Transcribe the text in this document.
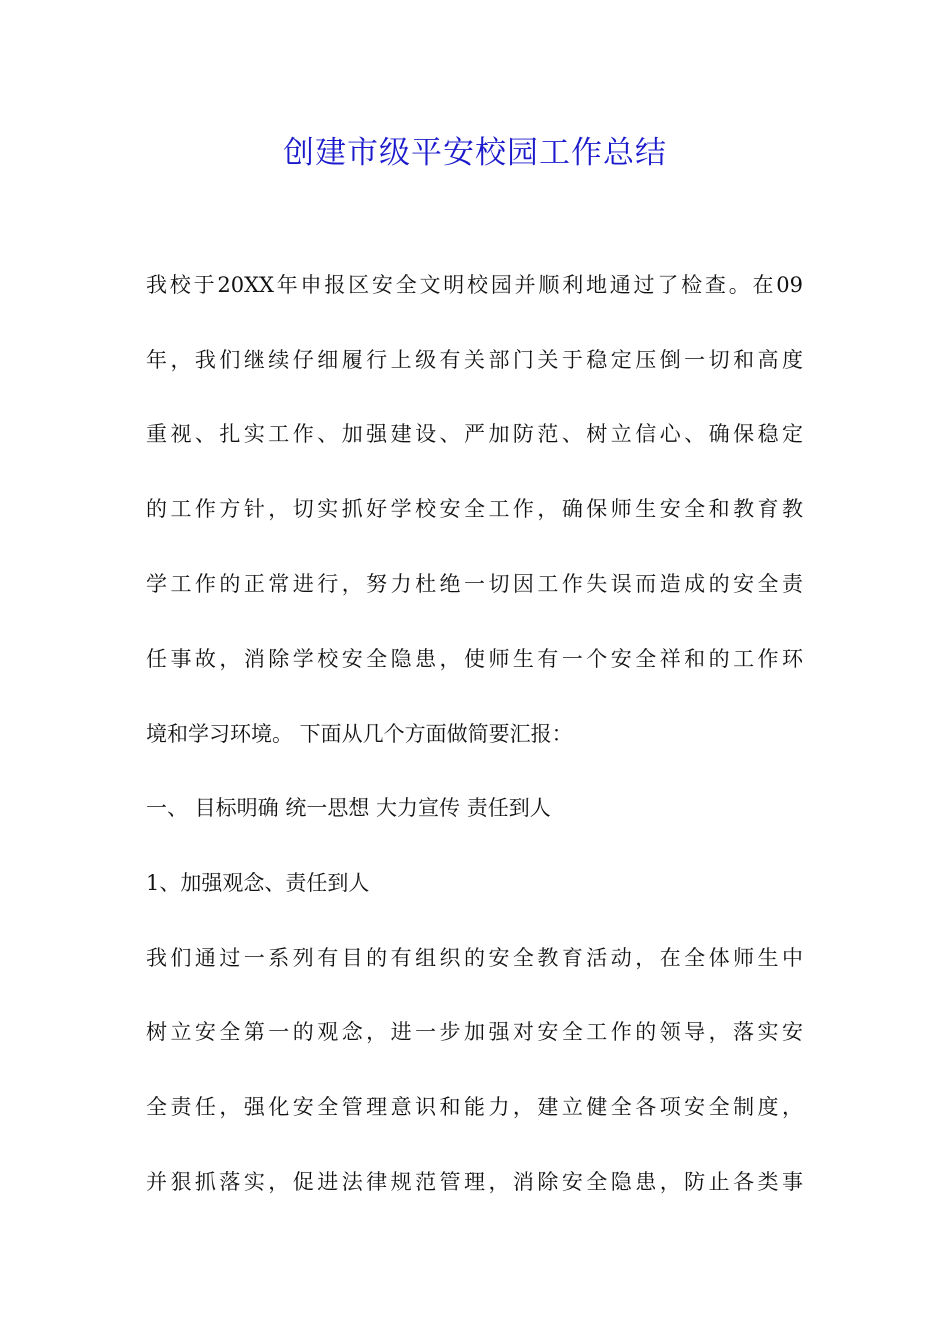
创建市级平安校园工作总结

我校于20XX年申报区安全文明校园并顺利地通过了检查。在09

年，我们继续仔细履行上级有关部门关于稳定压倒一切和高度

重视、扎实工作、加强建设、严加防范、树立信心、确保稳定

的工作方针，切实抓好学校安全工作，确保师生安全和教育教

学工作的正常进行，努力杜绝一切因工作失误而造成的安全责

任事故，消除学校安全隐患，使师生有一个安全祥和的工作环

境和学习环境。 下面从几个方面做简要汇报：

一、 目标明确 统一思想 大力宣传 责任到人

1、加强观念、责任到人

我们通过一系列有目的有组织的安全教育活动，在全体师生中

树立安全第一的观念，进一步加强对安全工作的领导，落实安

全责任，强化安全管理意识和能力，建立健全各项安全制度，

并狠抓落实，促进法律规范管理，消除安全隐患，防止各类事
